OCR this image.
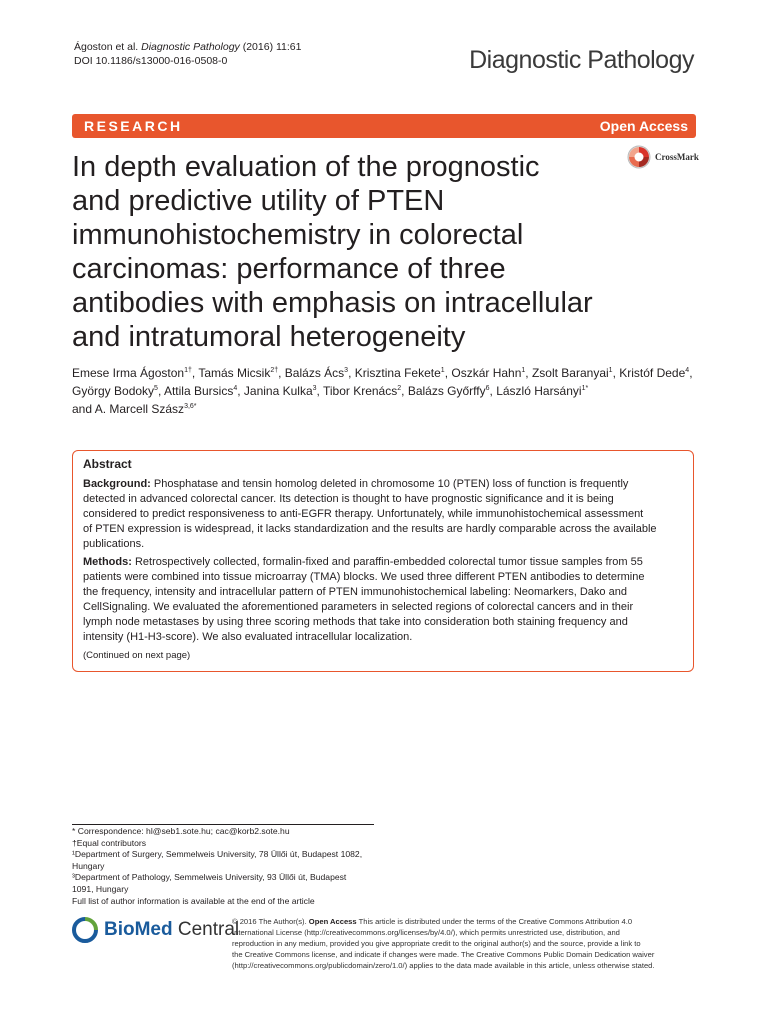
Ágoston et al. Diagnostic Pathology (2016) 11:61
DOI 10.1186/s13000-016-0508-0	Diagnostic Pathology
RESEARCH	Open Access
In depth evaluation of the prognostic
and predictive utility of PTEN
immunohistochemistry in colorectal
carcinomas: performance of three
antibodies with emphasis on intracellular
and intratumoral heterogeneity
CrossMark
Emese Irma Ágoston$^{1\dagger}$, Tamás Micsik$^{2\dagger}$, Balázs Ács$^3$, Krisztina Fekete$^1$, Oszkár Hahn$^1$, Zsolt Baranyai$^1$, Kristóf Dede$^4$,
György Bodoky$^5$, Attila Bursics$^4$, Janina Kulka$^3$, Tibor Krenács$^2$, Balázs Győrffy$^6$, László Harsányi$^{1*}$
and A. Marcell Szász$^{3,6*}$
Abstract

Background: Phosphatase and tensin homolog deleted in chromosome 10 (PTEN) loss of function is frequently
detected in advanced colorectal cancer. Its detection is thought to have prognostic significance and it is being
considered to predict responsiveness to anti-EGFR therapy. Unfortunately, while immunohistochemical assessment
of PTEN expression is widespread, it lacks standardization and the results are hardly comparable across the available
publications.

Methods: Retrospectively collected, formalin-fixed and paraffin-embedded colorectal tumor tissue samples from 55
patients were combined into tissue microarray (TMA) blocks. We used three different PTEN antibodies to determine
the frequency, intensity and intracellular pattern of PTEN immunohistochemical labeling: Neomarkers, Dako and
CellSignaling. We evaluated the aforementioned parameters in selected regions of colorectal cancers and in their
lymph node metastases by using three scoring methods that take into consideration both staining frequency and
intensity (H1-H3-score). We also evaluated intracellular localization.

(Continued on next page)

* Correspondence: hl@seb1.sote.hu; cac@korb2.sote.hu
†Equal contributors
¹Department of Surgery, Semmelweis University, 78 Üllői út, Budapest 1082,
Hungary
³Department of Pathology, Semmelweis University, 93 Üllői út, Budapest
1091, Hungary
Full list of author information is available at the end of the article
BioMed Central
© 2016 The Author(s). Open Access This article is distributed under the terms of the Creative Commons Attribution 4.0
International License (http://creativecommons.org/licenses/by/4.0/), which permits unrestricted use, distribution, and
reproduction in any medium, provided you give appropriate credit to the original author(s) and the source, provide a link to
the Creative Commons license, and indicate if changes were made. The Creative Commons Public Domain Dedication waiver
(http://creativecommons.org/publicdomain/zero/1.0/) applies to the data made available in this article, unless otherwise stated.
